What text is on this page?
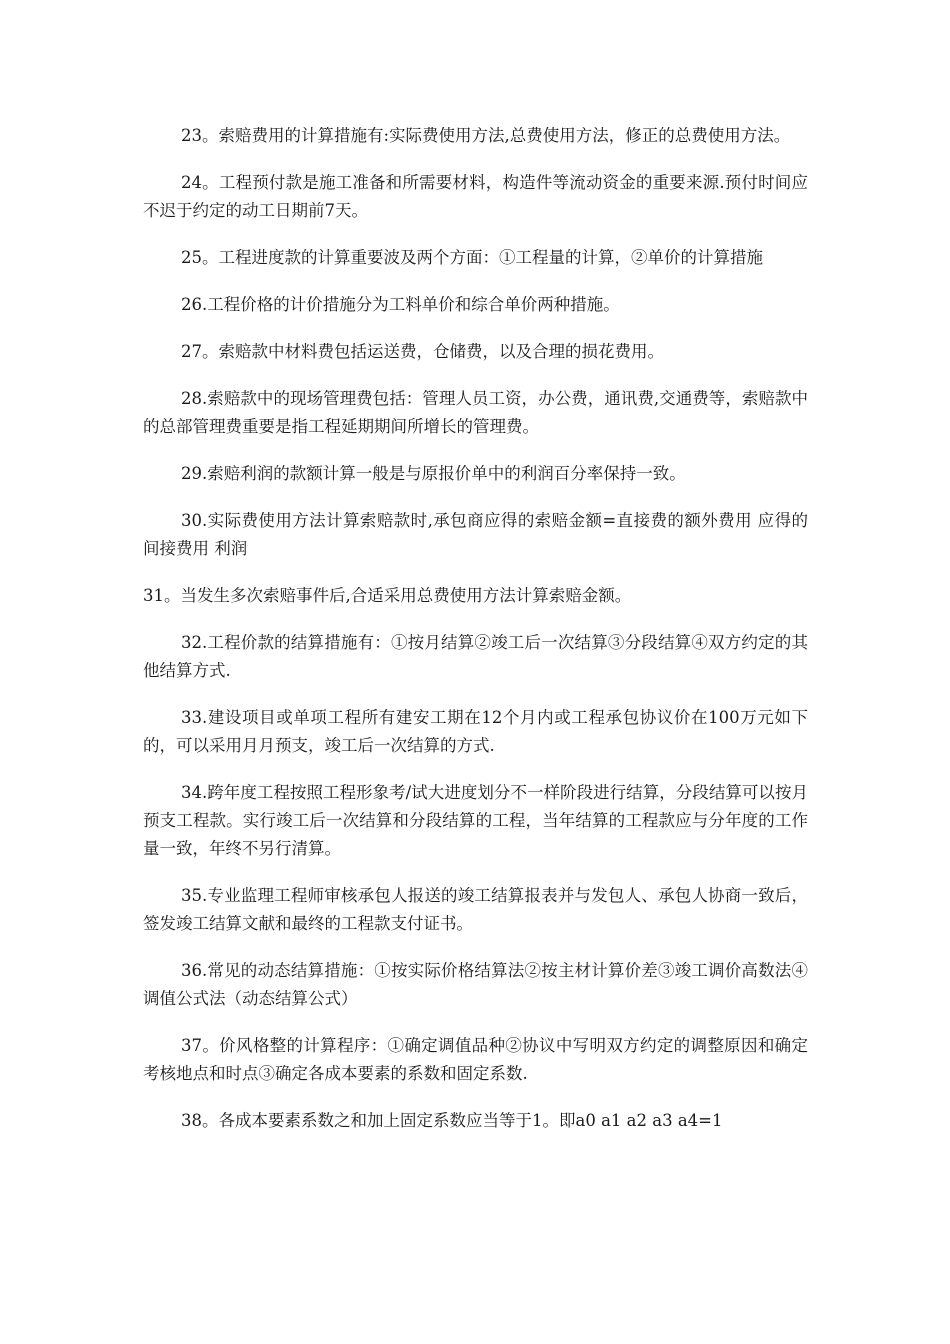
23。索赔费用的计算措施有:实际费使用方法,总费使用方法，修正的总费使用方法。

24。工程预付款是施工准备和所需要材料，构造件等流动资金的重要来源.预付时间应不迟于约定的动工日期前7天。

25。工程进度款的计算重要波及两个方面：①工程量的计算，②单价的计算措施

26.工程价格的计价措施分为工料单价和综合单价两种措施。

27。索赔款中材料费包括运送费，仓储费，以及合理的损花费用。

28.索赔款中的现场管理费包括：管理人员工资，办公费，通讯费,交通费等，索赔款中的总部管理费重要是指工程延期期间所增长的管理费。

29.索赔利润的款额计算一般是与原报价单中的利润百分率保持一致。

30.实际费使用方法计算索赔款时,承包商应得的索赔金额=直接费的额外费用 应得的间接费用 利润

31。当发生多次索赔事件后,合适采用总费使用方法计算索赔金额。

32.工程价款的结算措施有：①按月结算②竣工后一次结算③分段结算④双方约定的其他结算方式.

33.建设项目或单项工程所有建安工期在12个月内或工程承包协议价在100万元如下的，可以采用月月预支，竣工后一次结算的方式.

34.跨年度工程按照工程形象考/试大进度划分不一样阶段进行结算，分段结算可以按月预支工程款。实行竣工后一次结算和分段结算的工程，当年结算的工程款应与分年度的工作量一致，年终不另行清算。

35.专业监理工程师审核承包人报送的竣工结算报表并与发包人、承包人协商一致后，签发竣工结算文献和最终的工程款支付证书。

36.常见的动态结算措施：①按实际价格结算法②按主材计算价差③竣工调价高数法④调值公式法（动态结算公式）

37。价风格整的计算程序：①确定调值品种②协议中写明双方约定的调整原因和确定考核地点和时点③确定各成本要素的系数和固定系数.

38。各成本要素系数之和加上固定系数应当等于1。即a0 a1 a2 a3 a4=1
